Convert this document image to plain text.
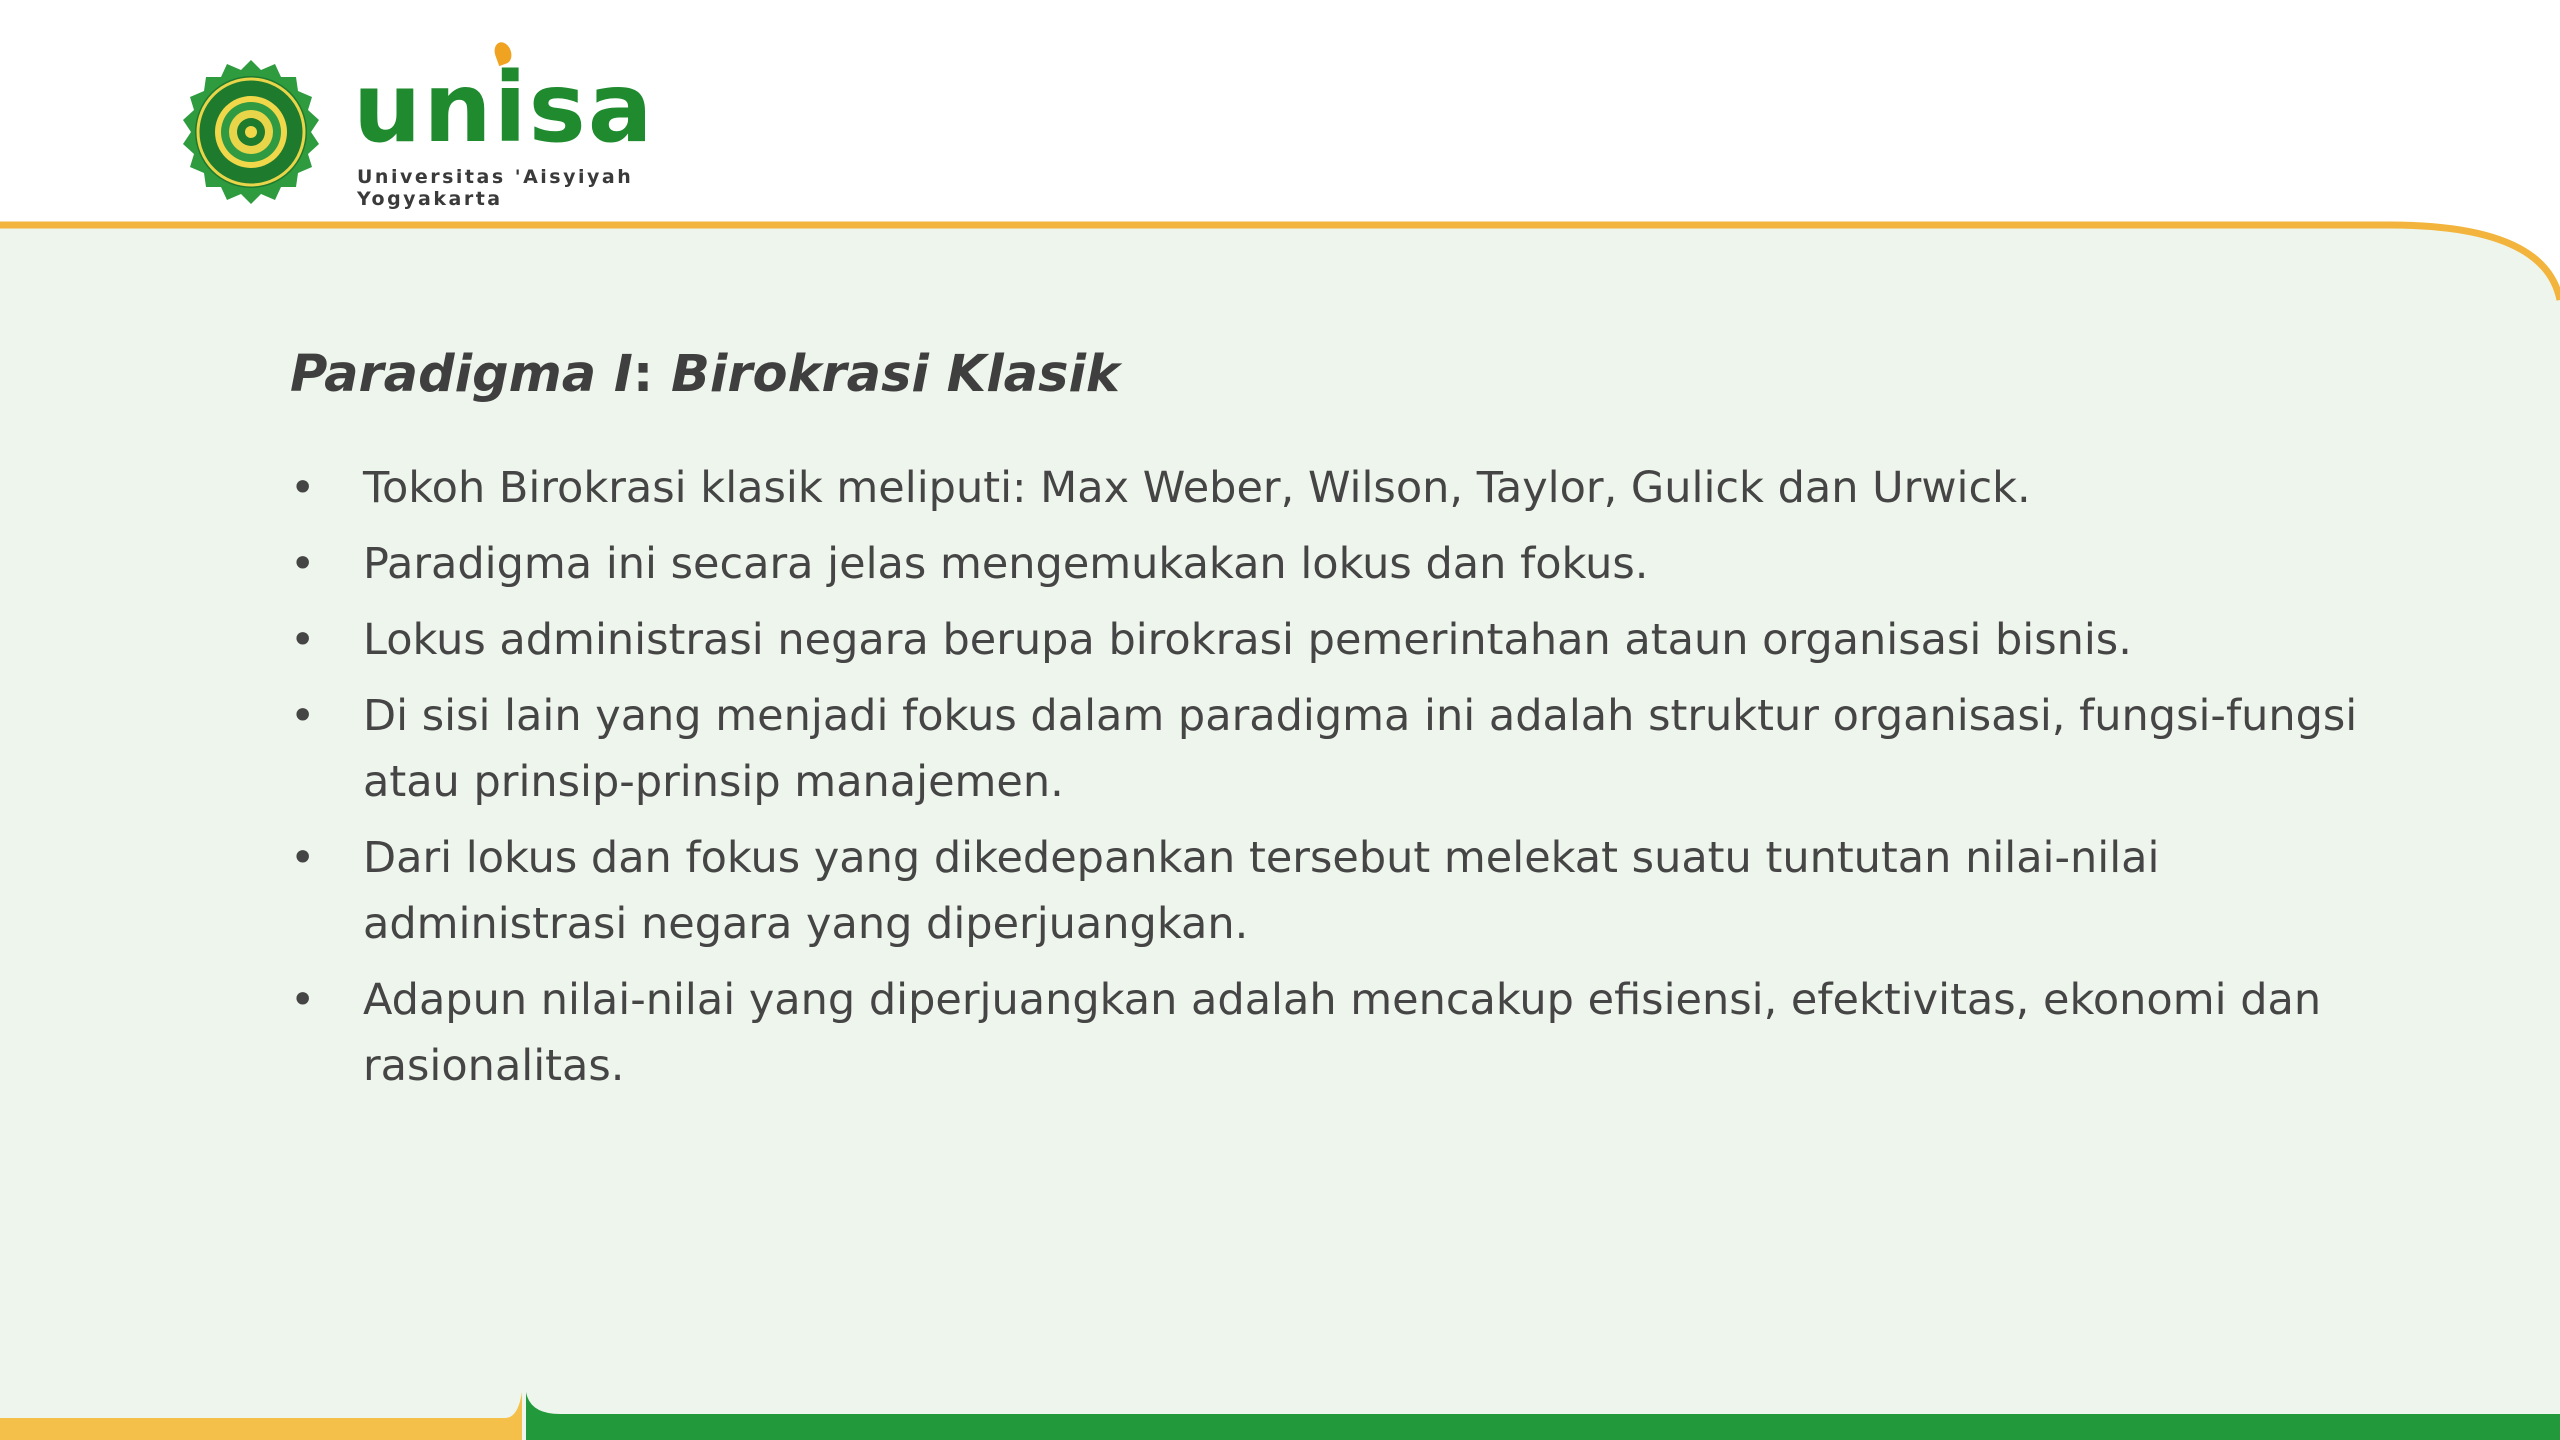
unisa
Universitas 'Aisyiyah
Yogyakarta
Paradigma I: Birokrasi Klasik
• Tokoh Birokrasi klasik meliputi: Max Weber, Wilson, Taylor, Gulick dan Urwick.
• Paradigma ini secara jelas mengemukakan lokus dan fokus.
• Lokus administrasi negara berupa birokrasi pemerintahan ataun organisasi bisnis.
• Di sisi lain yang menjadi fokus dalam paradigma ini adalah struktur organisasi, fungsi-fungsi atau prinsip-prinsip manajemen.
• Dari lokus dan fokus yang dikedepankan tersebut melekat suatu tuntutan nilai-nilai administrasi negara yang diperjuangkan.
• Adapun nilai-nilai yang diperjuangkan adalah mencakup efisiensi, efektivitas, ekonomi dan rasionalitas.
